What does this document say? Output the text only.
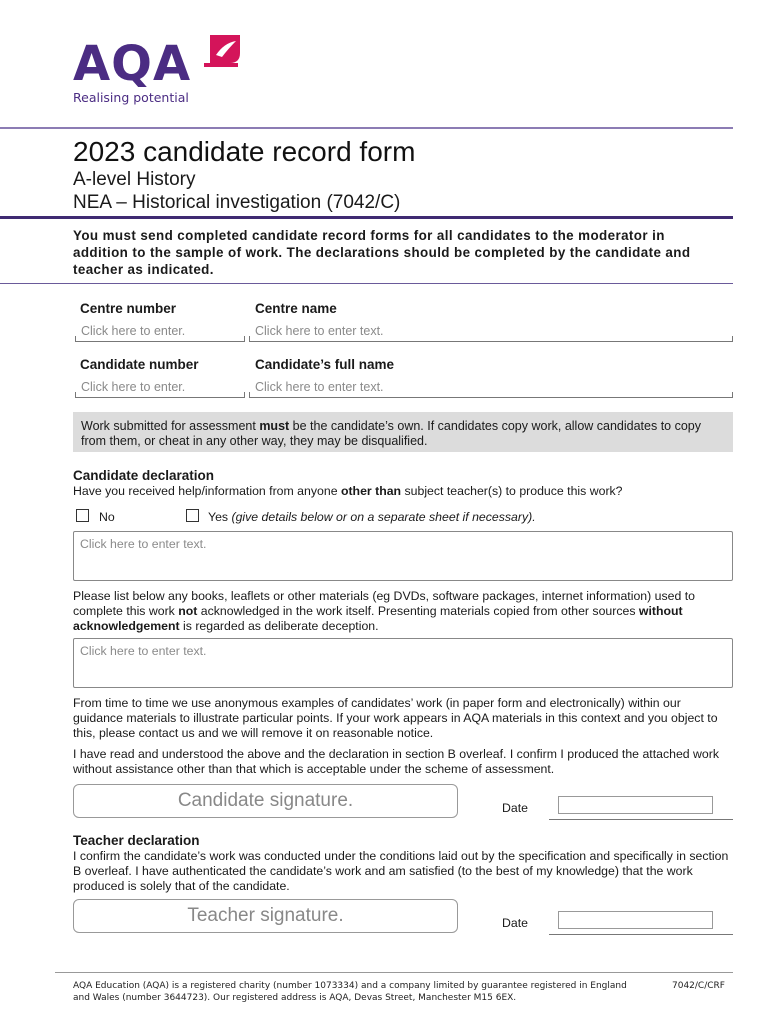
AQA
Realising potential
2023 candidate record form
A-level History
NEA – Historical investigation (7042/C)
You must send completed candidate record forms for all candidates to the moderator in addition to the sample of work. The declarations should be completed by the candidate and teacher as indicated.
Centre number	Centre name
Click here to enter.	Click here to enter text.
Candidate number	Candidate’s full name
Click here to enter.	Click here to enter text.
Work submitted for assessment must be the candidate’s own. If candidates copy work, allow candidates to copy from them, or cheat in any other way, they may be disqualified.
Candidate declaration
Have you received help/information from anyone other than subject teacher(s) to produce this work?
No	Yes (give details below or on a separate sheet if necessary).
Click here to enter text.
Please list below any books, leaflets or other materials (eg DVDs, software packages, internet information) used to complete this work not acknowledged in the work itself. Presenting materials copied from other sources without acknowledgement is regarded as deliberate deception.
Click here to enter text.
From time to time we use anonymous examples of candidates’ work (in paper form and electronically) within our guidance materials to illustrate particular points. If your work appears in AQA materials in this context and you object to this, please contact us and we will remove it on reasonable notice.
I have read and understood the above and the declaration in section B overleaf. I confirm I produced the attached work without assistance other than that which is acceptable under the scheme of assessment.
Candidate signature.	Date
Teacher declaration
I confirm the candidate’s work was conducted under the conditions laid out by the specification and specifically in section B overleaf. I have authenticated the candidate’s work and am satisfied (to the best of my knowledge) that the work produced is solely that of the candidate.
Teacher signature.	Date
AQA Education (AQA) is a registered charity (number 1073334) and a company limited by guarantee registered in England
and Wales (number 3644723). Our registered address is AQA, Devas Street, Manchester M15 6EX.
7042/C/CRF
